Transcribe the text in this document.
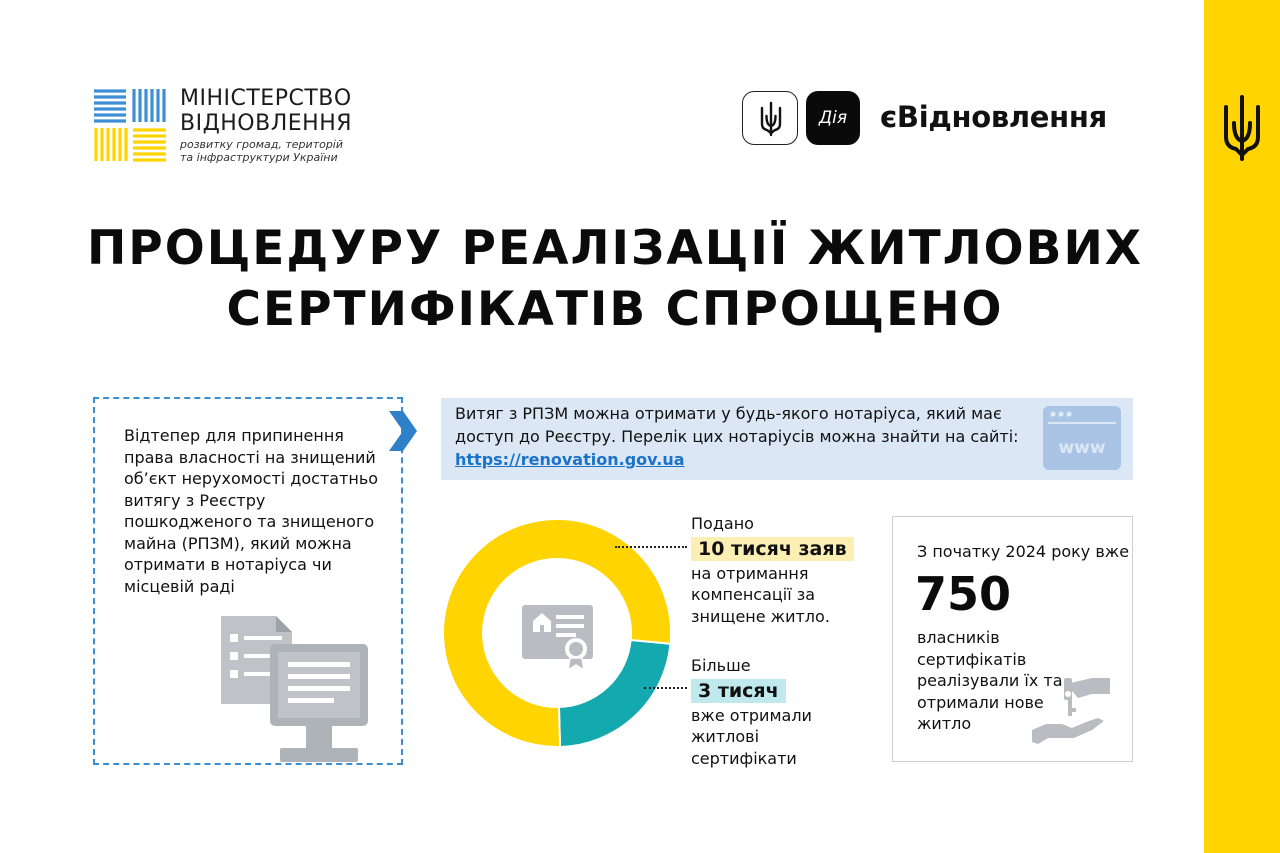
МІНІСТЕРСТВО
ВІДНОВЛЕННЯ
розвитку громад, територій
та інфраструктури України
Дія	єВідновлення
ПРОЦЕДУРУ РЕАЛІЗАЦІЇ ЖИТЛОВИХ
СЕРТИФІКАТІВ СПРОЩЕНО
Відтепер для припинення права власності на знищений об’єкт нерухомості достатньо витягу з Реєстру пошкодженого та знищеного майна (РПЗМ), який можна отримати в нотаріуса чи місцевій раді
Витяг з РПЗМ можна отримати у будь-якого нотаріуса, який має доступ до Реєстру. Перелік цих нотаріусів можна знайти на сайті:
https://renovation.gov.ua
www
Подано
10 тисяч заяв
на отримання компенсації за знищене житло.
Більше
3 тисяч
вже отримали житлові сертифікати
З початку 2024 року вже
750
власників сертифікатів реалізували їх та отримали нове житло
